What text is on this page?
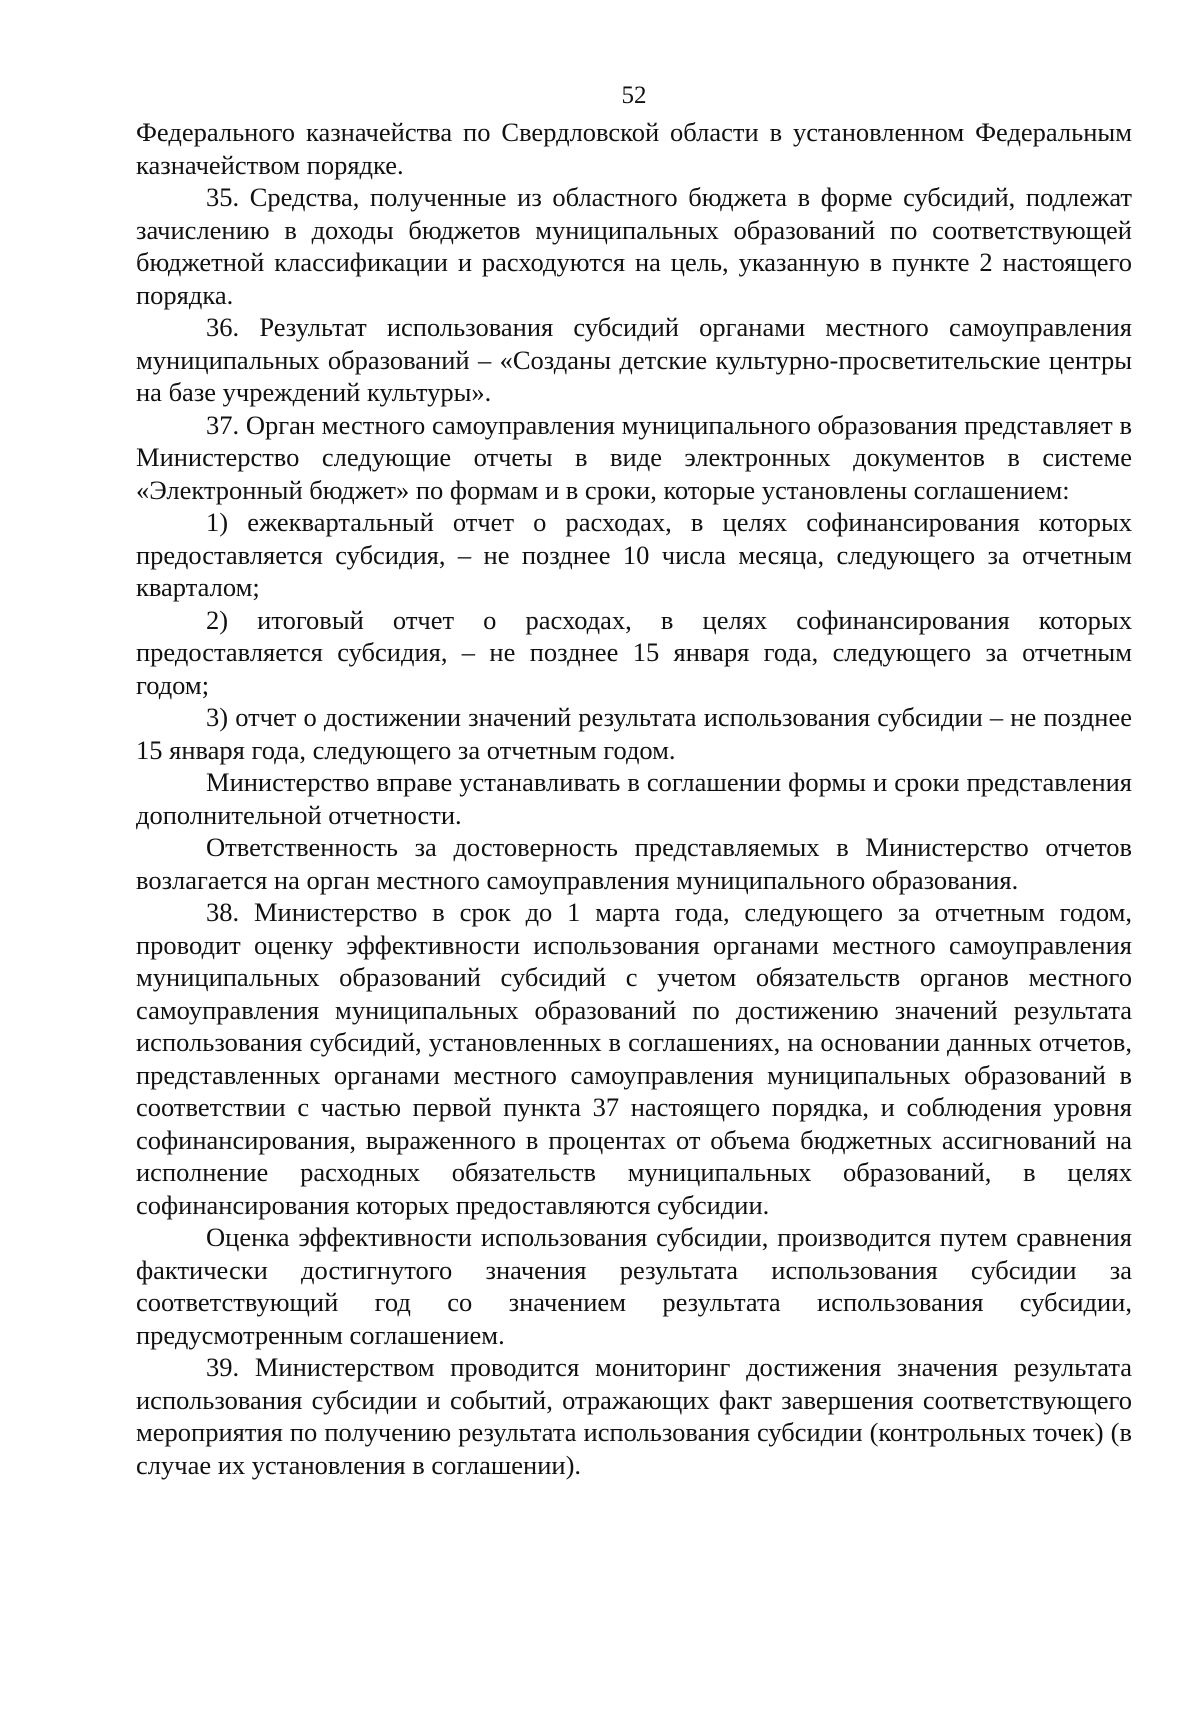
52

Федерального казначейства по Свердловской области в установленном Федеральным казначейством порядке.

35. Средства, полученные из областного бюджета в форме субсидий, подлежат зачислению в доходы бюджетов муниципальных образований по соответствующей бюджетной классификации и расходуются на цель, указанную в пункте 2 настоящего порядка.

36. Результат использования субсидий органами местного самоуправления муниципальных образований – «Созданы детские культурно-просветительские центры на базе учреждений культуры».

37. Орган местного самоуправления муниципального образования представляет в Министерство следующие отчеты в виде электронных документов в системе «Электронный бюджет» по формам и в сроки, которые установлены соглашением:

1) ежеквартальный отчет о расходах, в целях софинансирования которых предоставляется субсидия, – не позднее 10 числа месяца, следующего за отчетным кварталом;

2) итоговый отчет о расходах, в целях софинансирования которых предоставляется субсидия, – не позднее 15 января года, следующего за отчетным годом;

3) отчет о достижении значений результата использования субсидии – не позднее 15 января года, следующего за отчетным годом.

Министерство вправе устанавливать в соглашении формы и сроки представления дополнительной отчетности.

Ответственность за достоверность представляемых в Министерство отчетов возлагается на орган местного самоуправления муниципального образования.

38. Министерство в срок до 1 марта года, следующего за отчетным годом, проводит оценку эффективности использования органами местного самоуправления муниципальных образований субсидий с учетом обязательств органов местного самоуправления муниципальных образований по достижению значений результата использования субсидий, установленных в соглашениях, на основании данных отчетов, представленных органами местного самоуправления муниципальных образований в соответствии с частью первой пункта 37 настоящего порядка, и соблюдения уровня софинансирования, выраженного в процентах от объема бюджетных ассигнований на исполнение расходных обязательств муниципальных образований, в целях софинансирования которых предоставляются субсидии.

Оценка эффективности использования субсидии, производится путем сравнения фактически достигнутого значения результата использования субсидии за соответствующий год со значением результата использования субсидии, предусмотренным соглашением.

39. Министерством проводится мониторинг достижения значения результата использования субсидии и событий, отражающих факт завершения соответствующего мероприятия по получению результата использования субсидии (контрольных точек) (в случае их установления в соглашении).
